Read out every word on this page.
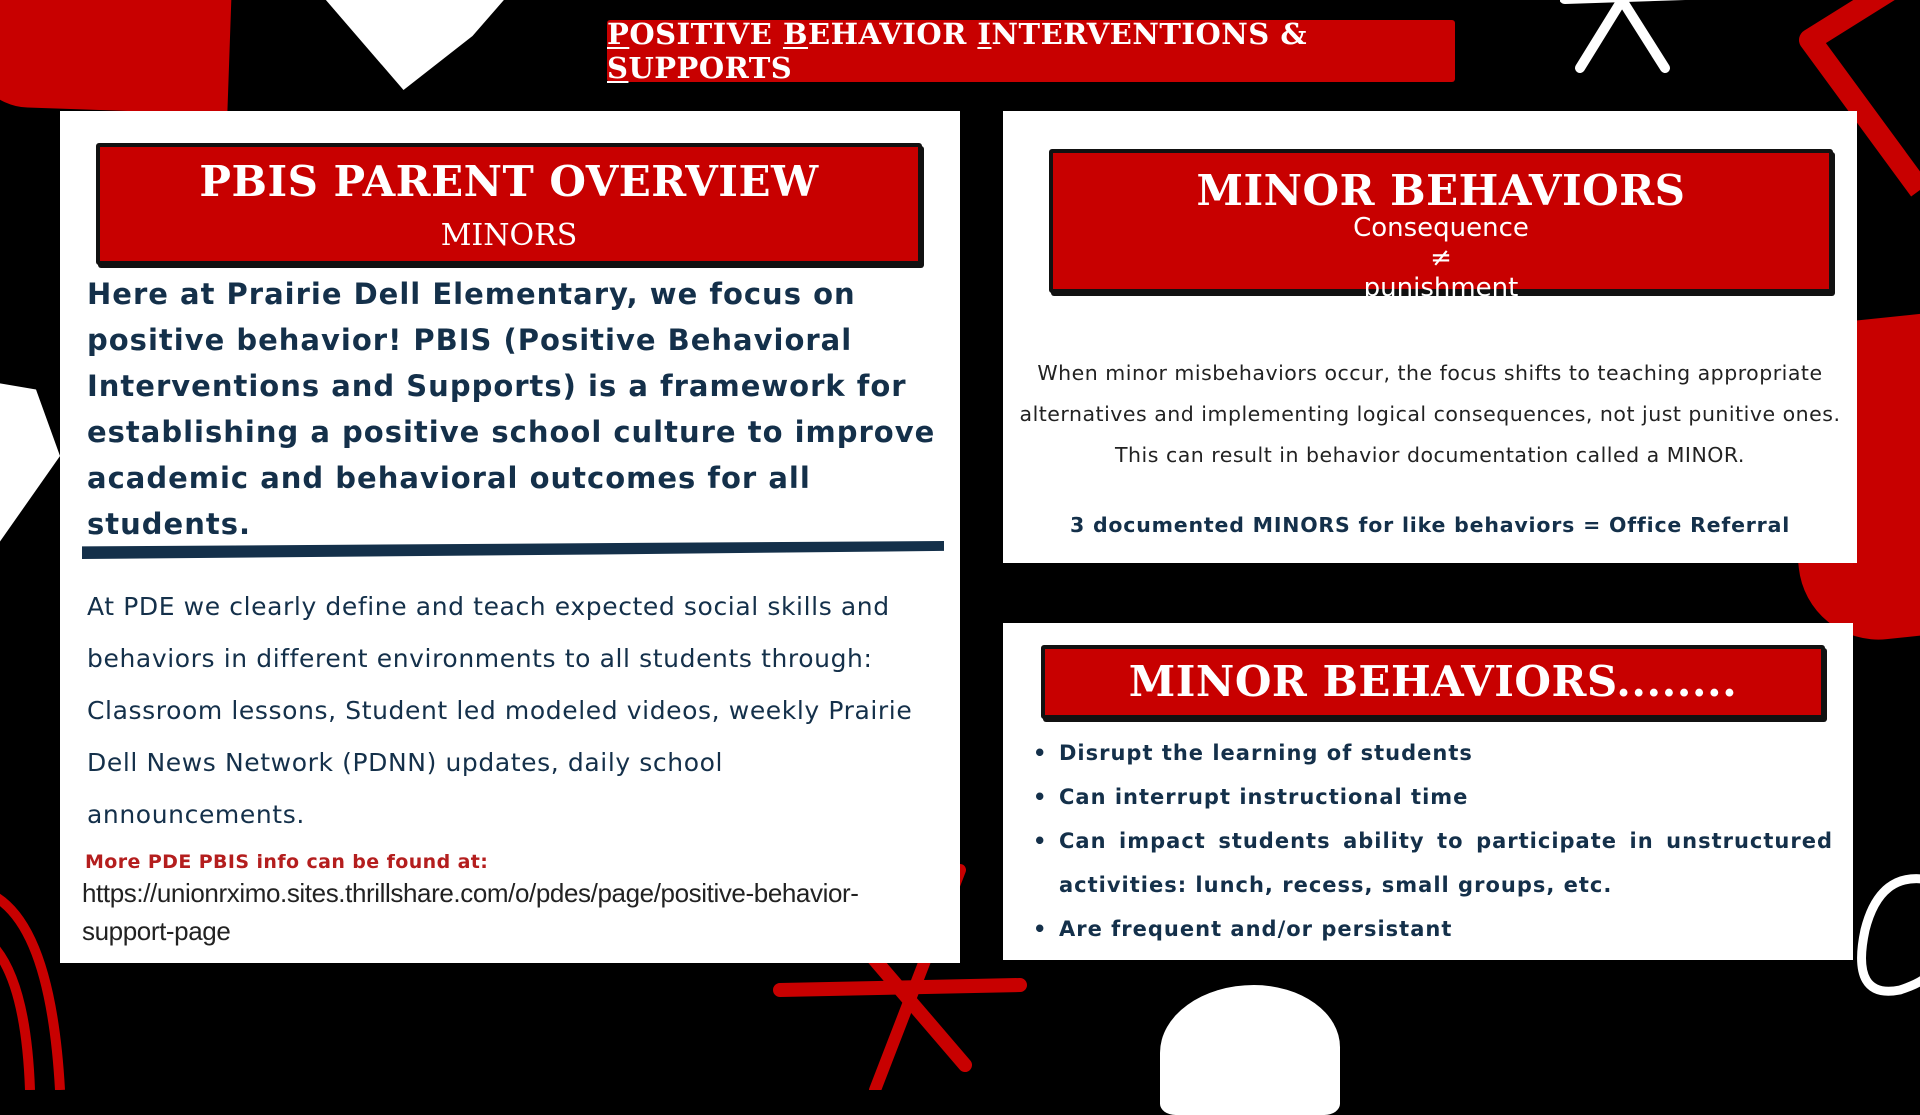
POSITIVE BEHAVIOR INTERVENTIONS & SUPPORTS
PBIS PARENT OVERVIEW
MINORS
Here at Prairie Dell Elementary, we focus on positive behavior! PBIS (Positive Behavioral Interventions and Supports) is a framework for establishing a positive school culture to improve academic and behavioral outcomes for all students.
At PDE we clearly define and teach expected social skills and behaviors in different environments to all students through: Classroom lessons, Student led modeled videos, weekly Prairie Dell News Network (PDNN) updates, daily school announcements.
More PDE PBIS info can be found at:
https://unionrximo.sites.thrillshare.com/o/pdes/page/positive-behavior-support-page
MINOR BEHAVIORS
Consequence
≠
punishment
When minor misbehaviors occur, the focus shifts to teaching appropriate alternatives and implementing logical consequences, not just punitive ones. This can result in behavior documentation called a MINOR.
3 documented MINORS for like behaviors = Office Referral
MINOR BEHAVIORS........
• Disrupt the learning of students
• Can interrupt instructional time
• Can impact students ability to participate in unstructured activities: lunch, recess, small groups, etc.
• Are frequent and/or persistant
